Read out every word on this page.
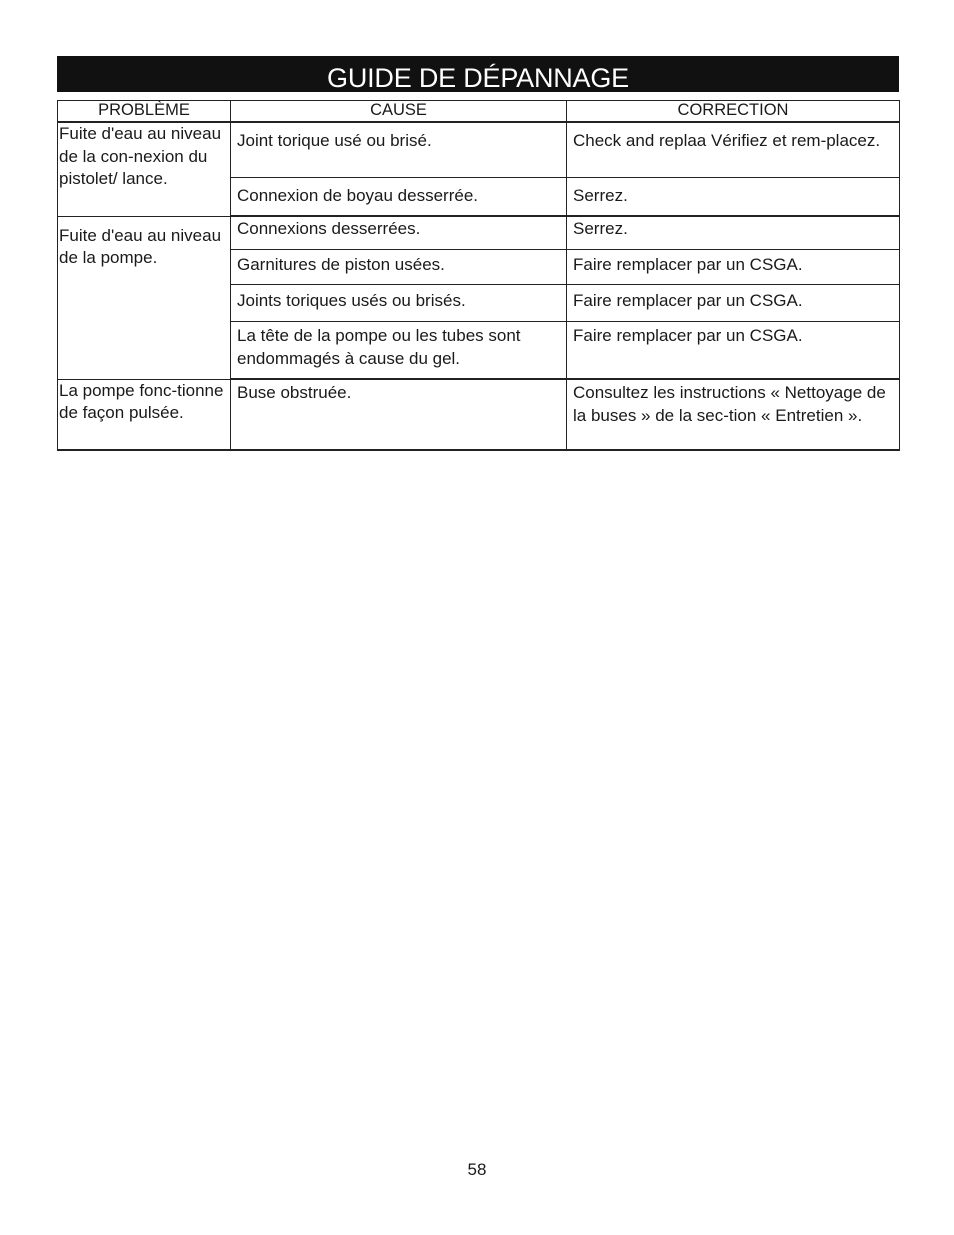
GUIDE DE DÉPANNAGE
PROBLÈME	CAUSE	CORRECTION
Fuite d'eau au niveau de la con-nexion du pistolet/ lance.	Joint torique usé ou brisé.	Check and replaa Vérifiez et rem-placez.
	Connexion de boyau desserrée.	Serrez.
Fuite d'eau au niveau de la pompe.	Connexions desserrées.	Serrez.
	Garnitures de piston usées.	Faire remplacer par un CSGA.
	Joints toriques usés ou brisés.	Faire remplacer par un CSGA.
	La tête de la pompe ou les tubes sont endommagés à cause du gel.	Faire remplacer par un CSGA.
La pompe fonc-tionne de façon pulsée.	Buse obstruée.	Consultez les instructions « Nettoyage de la buses » de la sec-tion « Entretien ».
58
